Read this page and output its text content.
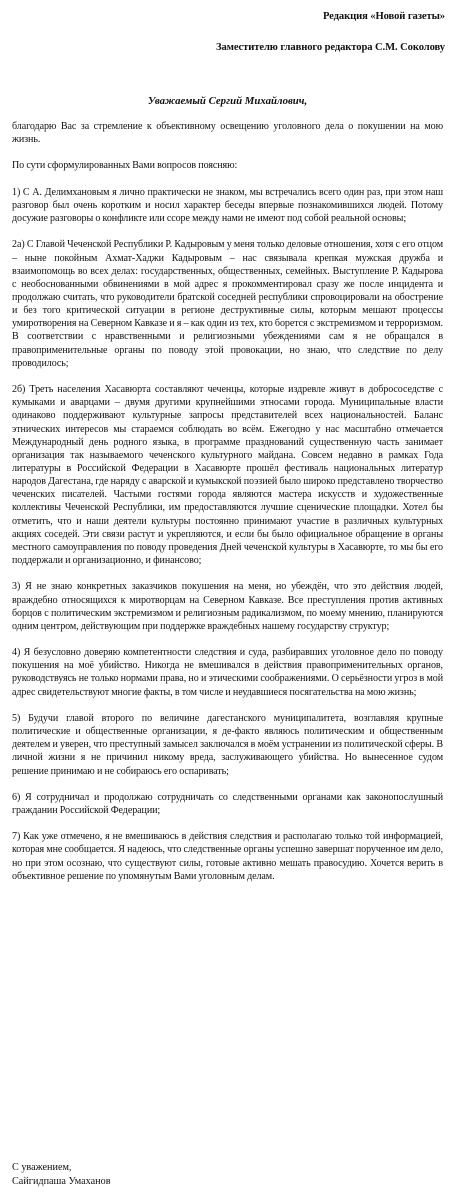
Редакция «Новой газеты»
Заместителю главного редактора С.М. Соколову
Уважаемый Сергий Михайлович,

благодарю Вас за стремление к объективному освещению уголовного дела о покушении на мою жизнь.

По сути сформулированных Вами вопросов поясняю:

1) С А. Делимхановым я лично практически не знаком, мы встречались всего один раз, при этом наш разговор был очень коротким и носил характер беседы впервые познакомившихся людей. Потому досужие разговоры о конфликте или ссоре между нами не имеют под собой реальной основы;

2а) С Главой Чеченской Республики Р. Кадыровым у меня только деловые отношения, хотя с его отцом – ныне покойным Ахмат-Хаджи Кадыровым – нас связывала крепкая мужская дружба и взаимопомощь во всех делах: государственных, общественных, семейных. Выступление Р. Кадырова с необоснованными обвинениями в мой адрес я прокомментировал сразу же после инцидента и продолжаю считать, что руководители братской соседней республики спровоцировали на обострение и без того критической ситуации в регионе деструктивные силы, которым мешают процессы умиротворения на Северном Кавказе и я – как один из тех, кто борется с экстремизмом и терроризмом. В соответствии с нравственными и религиозными убеждениями сам я не обращался в правоприменительные органы по поводу этой провокации, но знаю, что следствие по делу проводилось;

2б) Треть населения Хасавюрта составляют чеченцы, которые издревле живут в добрососедстве с кумыками и аварцами – двумя другими крупнейшими этносами города. Муниципальные власти одинаково поддерживают культурные запросы представителей всех национальностей. Баланс этнических интересов мы стараемся соблюдать во всём. Ежегодно у нас масштабно отмечается Международный день родного языка, в программе празднований существенную часть занимает организация так называемого чеченского культурного майдана. Совсем недавно в рамках Года литературы в Российской Федерации в Хасавюрте прошёл фестиваль национальных литератур народов Дагестана, где наряду с аварской и кумыкской поэзией было широко представлено творчество чеченских писателей. Частыми гостями города являются мастера искусств и художественные коллективы Чеченской Республики, им предоставляются лучшие сценические площадки. Хотел бы отметить, что и наши деятели культуры постоянно принимают участие в различных культурных акциях соседей. Эти связи растут и укрепляются, и если бы было официальное обращение в органы местного самоуправления по поводу проведения Дней чеченской культуры в Хасавюрте, то мы бы его поддержали и организационно, и финансово;

3) Я не знаю конкретных заказчиков покушения на меня, но убеждён, что это действия людей, враждебно относящихся к миротворцам на Северном Кавказе. Все преступления против активных борцов с политическим экстремизмом и религиозным радикализмом, по моему мнению, планируются одним центром, действующим при поддержке враждебных нашему государству структур;

4) Я безусловно доверяю компетентности следствия и суда, разбиравших уголовное дело по поводу покушения на моё убийство. Никогда не вмешивался в действия правоприменительных органов, руководствуясь не только нормами права, но и этическими соображениями. О серьёзности угроз в мой адрес свидетельствуют многие факты, в том числе и неудавшиеся посягательства на мою жизнь;

5) Будучи главой второго по величине дагестанского муниципалитета, возглавляя крупные политические и общественные организации, я де-факто являюсь политическим и общественным деятелем и уверен, что преступный замысел заключался в моём устранении из политической сферы. В личной жизни я не причинил никому вреда, заслуживающего убийства. Но вынесенное судом решение принимаю и не собираюсь его оспаривать;

6) Я сотрудничал и продолжаю сотрудничать со следственными органами как законопослушный гражданин Российской Федерации;

7) Как уже отмечено, я не вмешиваюсь в действия следствия и располагаю только той информацией, которая мне сообщается. Я надеюсь, что следственные органы успешно завершат порученное им дело, но при этом осознаю, что существуют силы, готовые активно мешать правосудию. Хочется верить в объективное решение по упомянутым Вами уголовным делам.

С уважением,
Сайгидпаша Умаханов
